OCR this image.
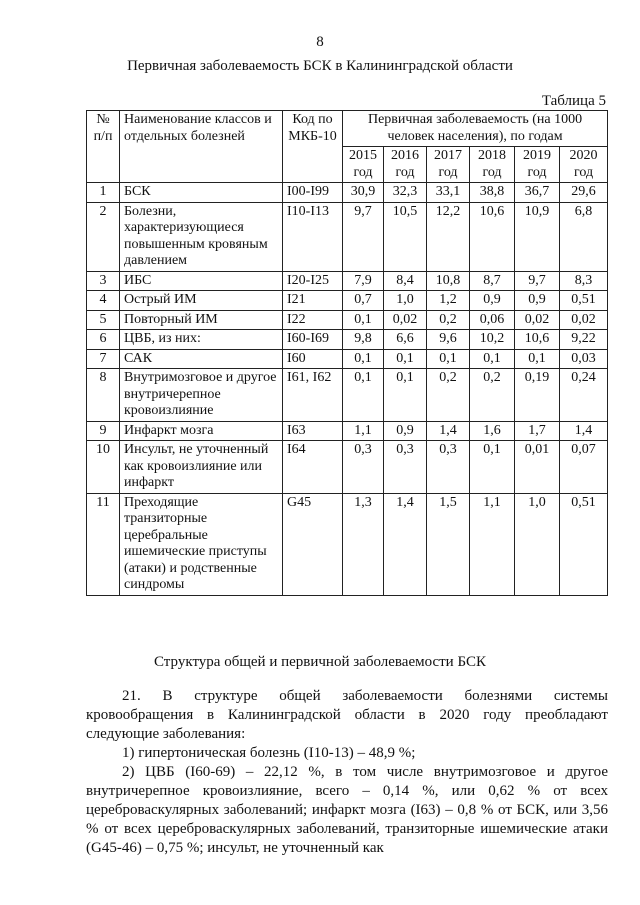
8
Первичная заболеваемость БСК в Калининградской области
Таблица 5
№ п/п	Наименование классов и отдельных болезней	Код по МКБ-10	Первичная заболеваемость (на 1000 человек населения), по годам					
			2015 год	2016 год	2017 год	2018 год	2019 год	2020 год
1	БСК	I00-I99	30,9	32,3	33,1	38,8	36,7	29,6
2	Болезни, характеризующиеся повышенным кровяным давлением	I10-I13	9,7	10,5	12,2	10,6	10,9	6,8
3	ИБС	I20-I25	7,9	8,4	10,8	8,7	9,7	8,3
4	Острый ИМ	I21	0,7	1,0	1,2	0,9	0,9	0,51
5	Повторный ИМ	I22	0,1	0,02	0,2	0,06	0,02	0,02
6	ЦВБ, из них:	I60-I69	9,8	6,6	9,6	10,2	10,6	9,22
7	САК	I60	0,1	0,1	0,1	0,1	0,1	0,03
8	Внутримозговое и другое внутричерепное кровоизлияние	I61, I62	0,1	0,1	0,2	0,2	0,19	0,24
9	Инфаркт мозга	I63	1,1	0,9	1,4	1,6	1,7	1,4
10	Инсульт, не уточненный как кровоизлияние или инфаркт	I64	0,3	0,3	0,3	0,1	0,01	0,07
11	Преходящие транзиторные церебральные ишемические приступы (атаки) и родственные синдромы	G45	1,3	1,4	1,5	1,1	1,0	0,51
Структура общей и первичной заболеваемости БСК
21. В структуре общей заболеваемости болезнями системы кровообращения в Калининградской области в 2020 году преобладают следующие заболевания:
1) гипертоническая болезнь (I10-13) – 48,9 %;
2) ЦВБ (I60-69) – 22,12 %, в том числе внутримозговое и другое внутричерепное кровоизлияние, всего – 0,14 %, или 0,62 % от всех цереброваскулярных заболеваний; инфаркт мозга (I63) – 0,8 % от БСК, или 3,56 % от всех цереброваскулярных заболеваний, транзиторные ишемические атаки (G45-46) – 0,75 %; инсульт, не уточненный как
